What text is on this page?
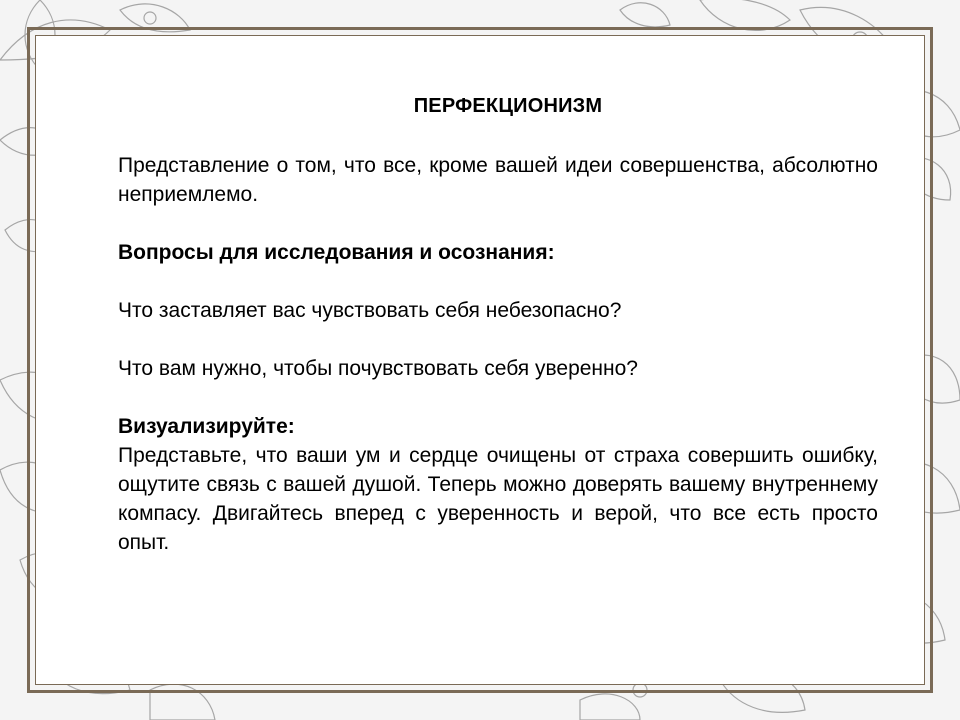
ПЕРФЕКЦИОНИЗМ

Представление о том, что все, кроме вашей идеи совершенства, абсолютно неприемлемо.

Вопросы для исследования и осознания:

Что заставляет вас чувствовать себя небезопасно?

Что вам нужно, чтобы почувствовать себя уверенно?

Визуализируйте:

Представьте, что ваши ум и сердце очищены от страха совершить ошибку, ощутите связь с вашей душой. Теперь можно доверять вашему внутреннему компасу. Двигайтесь вперед с уверенность и верой, что все есть просто опыт.
